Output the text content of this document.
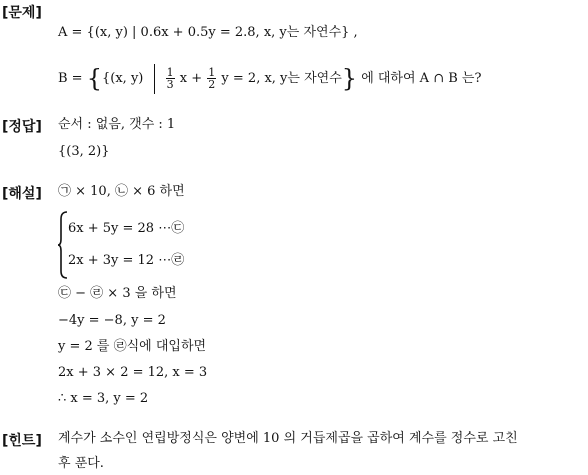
[문제]
[정답]
[해설]
[힌트]
A = {(x, y) | 0.6x + 0.5y = 2.8, x, y는 자연수} ,
B = {{(x, $y) \frac{1}{3}$ $x + \frac{1}{2}$ y = 2, x, y는 자연수} 에 대하여 A ∩ B 는?
순서 : 없음, 갯수 : 1
{(3, 2)}
㉠ × 10, ㉡ × 6 하면
6x + 5y = 28 ⋯㉢
2x + 3y = 12 ⋯㉣
㉢ − ㉣ × 3 을 하면
−4y = −8, y = 2
y = 2 를 ㉣식에 대입하면
2x + 3 × 2 = 12, x = 3
∴ x = 3, y = 2
계수가 소수인 연립방정식은 양변에 10 의 거듭제곱을 곱하여 계수를 정수로 고친
후 푼다.
